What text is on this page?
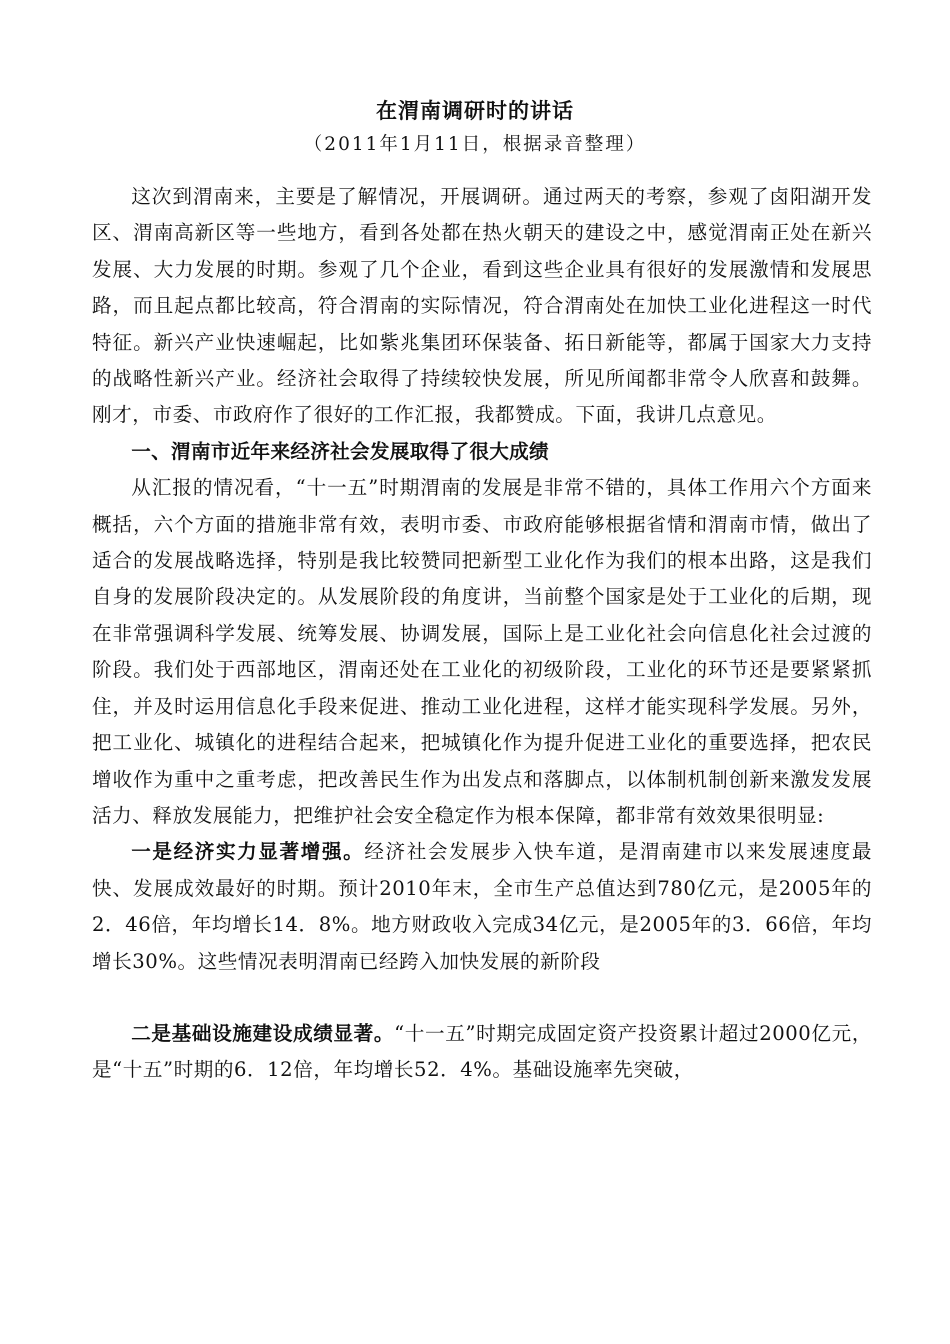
在渭南调研时的讲话
（2011年1月11日，根据录音整理）

这次到渭南来，主要是了解情况，开展调研。通过两天的考察，参观了卤阳湖开发区、渭南高新区等一些地方，看到各处都在热火朝天的建设之中，感觉渭南正处在新兴发展、大力发展的时期。参观了几个企业，看到这些企业具有很好的发展激情和发展思路，而且起点都比较高，符合渭南的实际情况，符合渭南处在加快工业化进程这一时代特征。新兴产业快速崛起，比如紫兆集团环保装备、拓日新能等，都属于国家大力支持的战略性新兴产业。经济社会取得了持续较快发展，所见所闻都非常令人欣喜和鼓舞。刚才，市委、市政府作了很好的工作汇报，我都赞成。下面，我讲几点意见。

一、渭南市近年来经济社会发展取得了很大成绩

从汇报的情况看，“十一五”时期渭南的发展是非常不错的，具体工作用六个方面来概括，六个方面的措施非常有效，表明市委、市政府能够根据省情和渭南市情，做出了适合的发展战略选择，特别是我比较赞同把新型工业化作为我们的根本出路，这是我们自身的发展阶段决定的。从发展阶段的角度讲，当前整个国家是处于工业化的后期，现在非常强调科学发展、统筹发展、协调发展，国际上是工业化社会向信息化社会过渡的阶段。我们处于西部地区，渭南还处在工业化的初级阶段，工业化的环节还是要紧紧抓住，并及时运用信息化手段来促进、推动工业化进程，这样才能实现科学发展。另外，把工业化、城镇化的进程结合起来，把城镇化作为提升促进工业化的重要选择，把农民增收作为重中之重考虑，把改善民生作为出发点和落脚点，以体制机制创新来激发发展活力、释放发展能力，把维护社会安全稳定作为根本保障，都非常有效效果很明显:

一是经济实力显著增强。经济社会发展步入快车道，是渭南建市以来发展速度最快、发展成效最好的时期。预计2010年末，全市生产总值达到780亿元，是2005年的2．46倍，年均增长14．8%。地方财政收入完成34亿元，是2005年的3．66倍，年均增长30%。这些情况表明渭南已经跨入加快发展的新阶段

二是基础设施建设成绩显著。“十一五”时期完成固定资产投资累计超过2000亿元，是“十五”时期的6．12倍，年均增长52．4%。基础设施率先突破，
